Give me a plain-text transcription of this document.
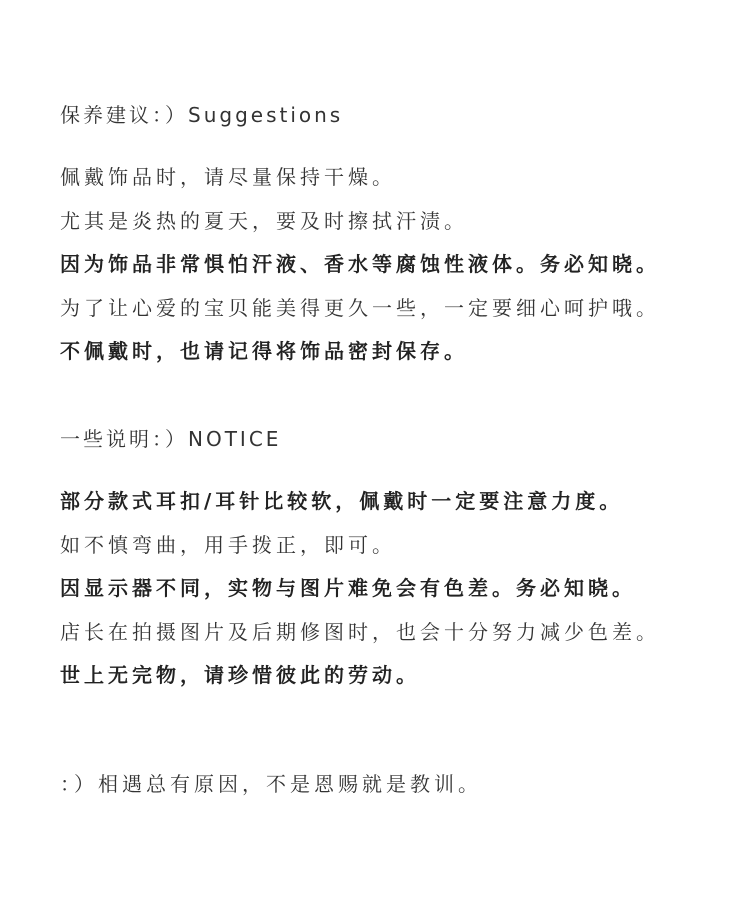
保养建议：）Suggestions
佩戴饰品时，请尽量保持干燥。
尤其是炎热的夏天，要及时擦拭汗渍。
因为饰品非常惧怕汗液、香水等腐蚀性液体。务必知晓。
为了让心爱的宝贝能美得更久一些，一定要细心呵护哦。
不佩戴时，也请记得将饰品密封保存。
一些说明：）NOTICE
部分款式耳扣/耳针比较软，佩戴时一定要注意力度。
如不慎弯曲，用手拨正，即可。
因显示器不同，实物与图片难免会有色差。务必知晓。
店长在拍摄图片及后期修图时，也会十分努力减少色差。
世上无完物，请珍惜彼此的劳动。
：）相遇总有原因，不是恩赐就是教训。
